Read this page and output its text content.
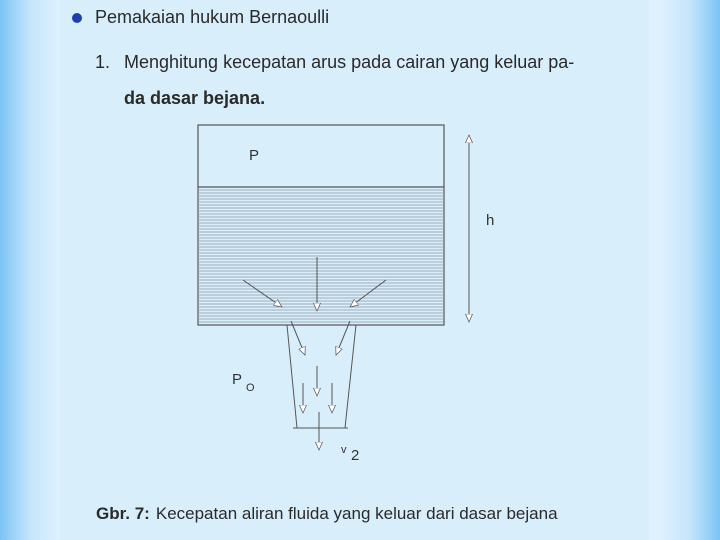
Pemakaian hukum Bernaoulli
1. Menghitung kecepatan arus pada cairan yang keluar pa-
da dasar bejana.
P
h
P O
v 2
Gbr. 7: Kecepatan aliran fluida yang keluar dari dasar bejana
